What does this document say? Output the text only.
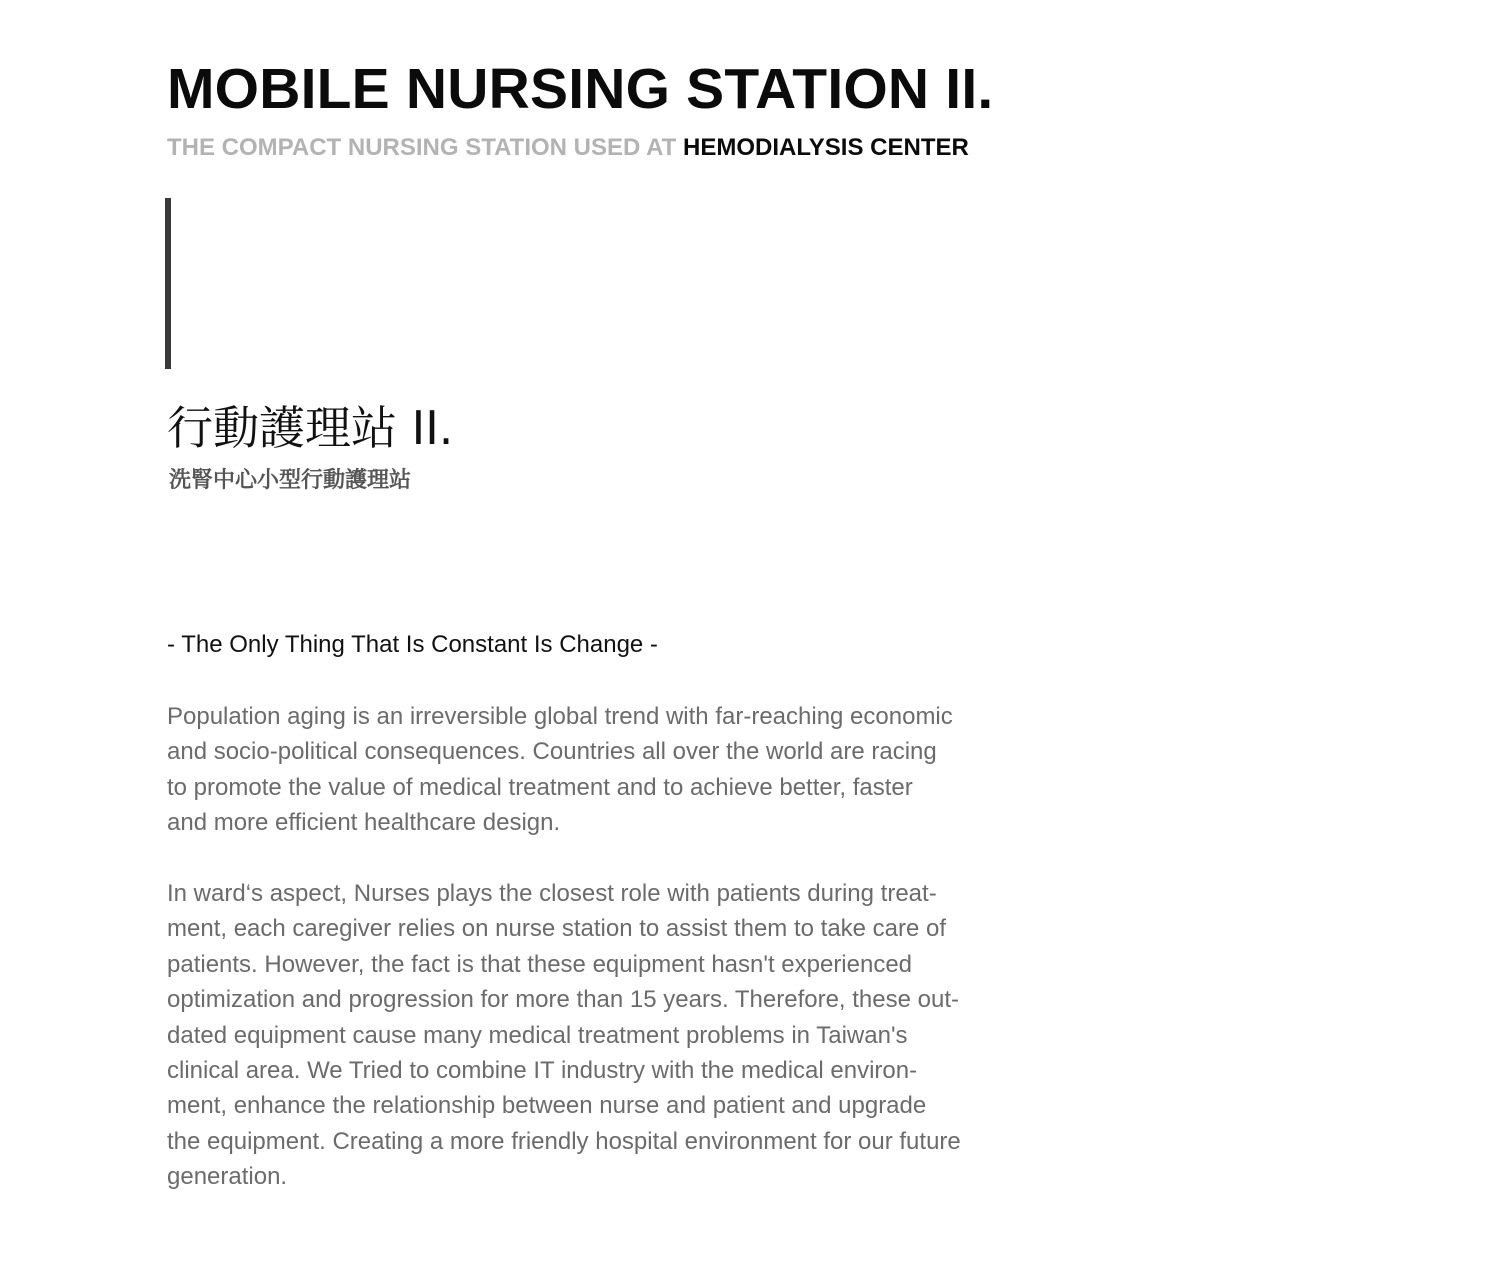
MOBILE NURSING STATION II.

THE COMPACT NURSING STATION USED AT HEMODIALYSIS CENTER

行動護理站 II.

洗腎中心小型行動護理站

- The Only Thing That Is Constant Is Change -

Population aging is an irreversible global trend with far-reaching economic
and socio-political consequences. Countries all over the world are racing
to promote the value of medical treatment and to achieve better, faster
and more efficient healthcare design.

In ward‘s aspect, Nurses plays the closest role with patients during treat-
ment, each caregiver relies on nurse station to assist them to take care of
patients. However, the fact is that these equipment hasn't experienced
optimization and progression for more than 15 years. Therefore, these out-
dated equipment cause many medical treatment problems in Taiwan's
clinical area. We Tried to combine IT industry with the medical environ-
ment, enhance the relationship between nurse and patient and upgrade
the equipment. Creating a more friendly hospital environment for our future
generation.
